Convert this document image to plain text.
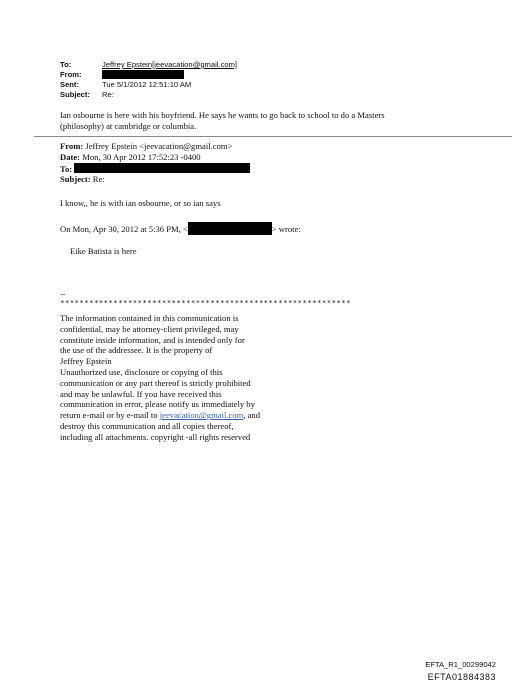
To:	Jeffrey Epstein[jeevacation@gmail.com]
From:
Sent:	Tue 5/1/2012 12:51:10 AM
Subject:	Re:
Ian osbourne is here with his boyfriend. He says he wants to go back to school to do a Masters
(philosophy) at cambridge or columbia.
From: Jeffrey Epstein <jeevacation@gmail.com>
Date: Mon, 30 Apr 2012 17:52:23 -0400
To:
Subject: Re:
I know,, he is with ian osbourne, or so ian says
On Mon, Apr 30, 2012 at 5:36 PM, <	> wrote:
Eike Batista is here
--
************************************************************
The information contained in this communication is
confidential, may be attorney-client privileged, may
constitute inside information, and is intended only for
the use of the addressee. It is the property of
Jeffrey Epstein
Unauthorized use, disclosure or copying of this
communication or any part thereof is strictly prohibited
and may be unlawful. If you have received this
communication in error, please notify us immediately by
return e-mail or by e-mail to jeevacation@gmail.com, and
destroy this communication and all copies thereof,
including all attachments. copyright -all rights reserved
EFTA_R1_00299042
EFTA01884383
